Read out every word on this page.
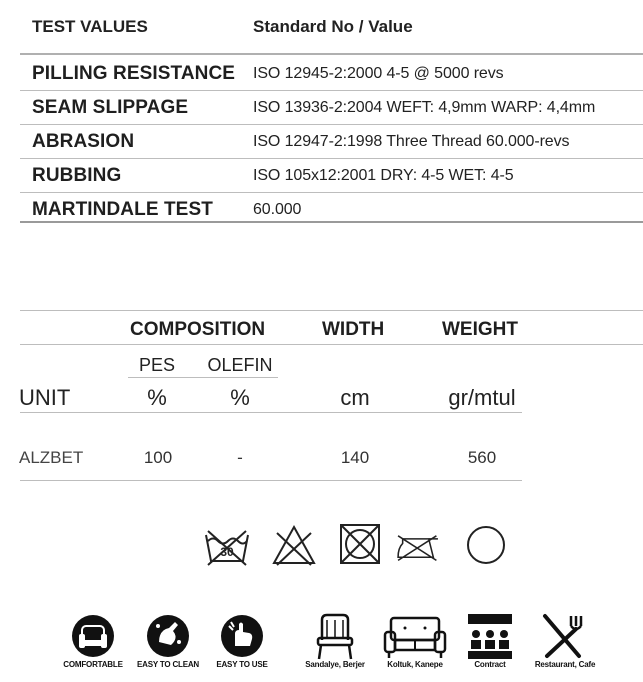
TEST VALUES	Standard No / Value
PILLING RESISTANCE ISO 12945-2:2000 4-5 @ 5000 revs
SEAM SLIPPAGE	ISO 13936-2:2004 WEFT: 4,9mm WARP: 4,4mm
ABRASION	ISO 12947-2:1998 Three Thread 60.000-revs
RUBBING	ISO 105x12:2001 DRY: 4-5 WET: 4-5
MARTINDALE TEST	60.000
COMPOSITION	WIDTH	WEIGHT
PES OLEFIN
UNIT	%	%	cm	gr/mtul
ALZBET	100	-	140	560
30
COMFORTABLE EASY TO CLEAN EASY TO USE	Sandalye, Berjer	Koltuk, Kanepe	Contract	Restaurant, Cafe
